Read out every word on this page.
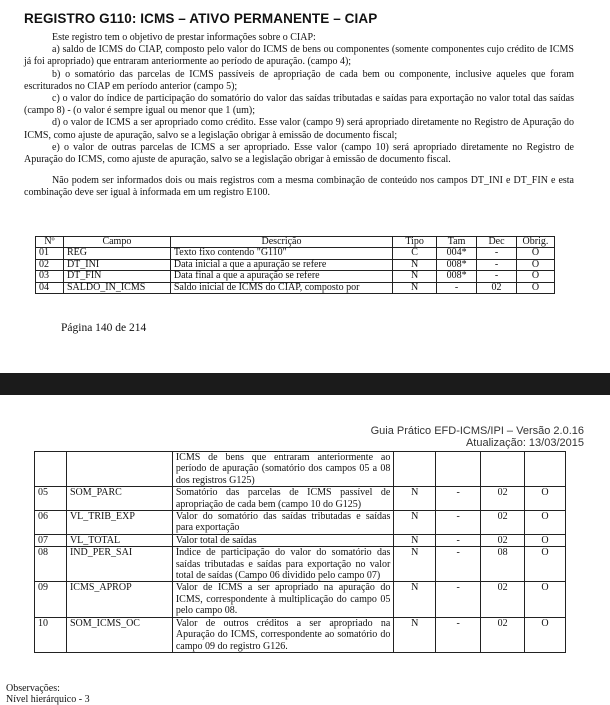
REGISTRO G110: ICMS – ATIVO PERMANENTE – CIAP

Este registro tem o objetivo de prestar informações sobre o CIAP:

a) saldo de ICMS do CIAP, composto pelo valor do ICMS de bens ou componentes (somente componentes cujo crédito de ICMS já foi apropriado) que entraram anteriormente ao período de apuração. (campo 4);

b) o somatório das parcelas de ICMS passíveis de apropriação de cada bem ou componente, inclusive aqueles que foram escriturados no CIAP em período anterior (campo 5);

c) o valor do índice de participação do somatório do valor das saídas tributadas e saídas para exportação no valor total das saídas (campo 8) - (o valor é sempre igual ou menor que 1 (um);

d) o valor de ICMS a ser apropriado como crédito. Esse valor (campo 9) será apropriado diretamente no Registro de Apuração do ICMS, como ajuste de apuração, salvo se a legislação obrigar à emissão de documento fiscal;

e) o valor de outras parcelas de ICMS a ser apropriado. Esse valor (campo 10) será apropriado diretamente no Registro de Apuração do ICMS, como ajuste de apuração, salvo se a legislação obrigar à emissão de documento fiscal.

Não podem ser informados dois ou mais registros com a mesma combinação de conteúdo nos campos DT_INI e DT_FIN e esta combinação deve ser igual à informada em um registro E100.

Nº	Campo	Descrição	Tipo	Tam	Dec	Obrig.
01	REG	Texto fixo contendo "G110"	C	004*	-	O
02	DT_INI	Data inicial a que a apuração se refere	N	008*	-	O
03	DT_FIN	Data final a que a apuração se refere	N	008*	-	O
04	SALDO_IN_ICMS	Saldo inicial de ICMS do CIAP, composto por	N	-	02	O
Página 140 de 214
Guia Prático EFD-ICMS/IPI – Versão 2.0.16
Atualização: 13/03/2015
		ICMS de bens que entraram anteriormente ao período de apuração (somatório dos campos 05 a 08 dos registros G125)				
05	SOM_PARC	Somatório das parcelas de ICMS passível de apropriação de cada bem (campo 10 do G125)	N	-	02	O
06	VL_TRIB_EXP	Valor do somatório das saídas tributadas e saídas para exportação	N	-	02	O
07	VL_TOTAL	Valor total de saídas	N	-	02	O
08	IND_PER_SAI	Índice de participação do valor do somatório das saídas tributadas e saídas para exportação no valor total de saídas (Campo 06 dividido pelo campo 07)	N	-	08	O
09	ICMS_APROP	Valor de ICMS a ser apropriado na apuração do ICMS, correspondente à multiplicação do campo 05 pelo campo 08.	N	-	02	O
10	SOM_ICMS_OC	Valor de outros créditos a ser apropriado na Apuração do ICMS, correspondente ao somatório do campo 09 do registro G126.	N	-	02	O
Observações:
Nível hierárquico - 3
